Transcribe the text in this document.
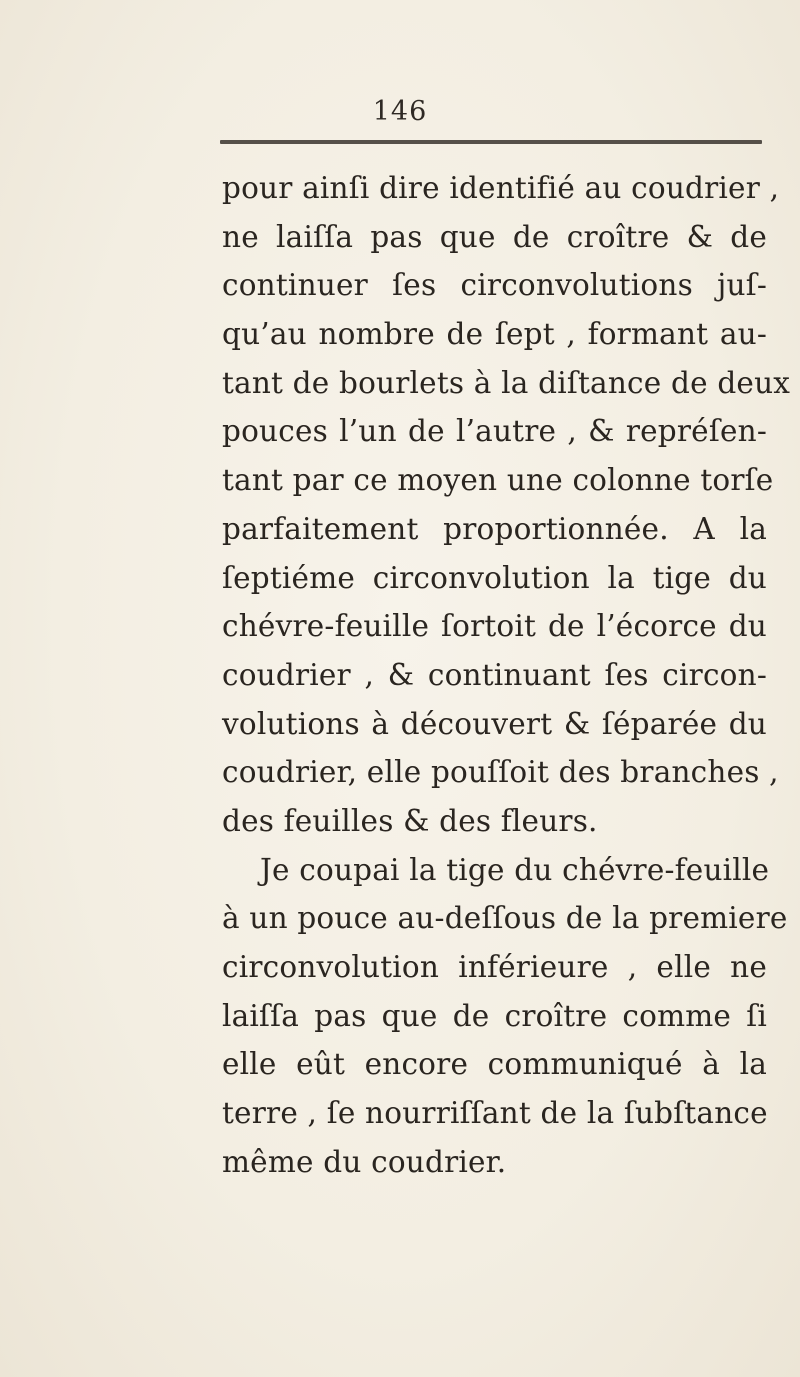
146
pour ainſi dire identifié au coudrier ,
ne laiſſa pas que de croître & de
continuer ſes circonvolutions juſ-
qu’au nombre de ſept , formant au-
tant de bourlets à la diſtance de deux
pouces l’un de l’autre , & repréſen-
tant par ce moyen une colonne torſe
parfaitement proportionnée. A la
ſeptiéme circonvolution la tige du
chévre-feuille ſortoit de l’écorce du
coudrier , & continuant ſes circon-
volutions à découvert & ſéparée du
coudrier, elle pouſſoit des branches ,
des feuilles & des fleurs.
Je coupai la tige du chévre-feuille
à un pouce au-deſſous de la premiere
circonvolution inférieure , elle ne
laiſſa pas que de croître comme ſi
elle eût encore communiqué à la
terre , ſe nourriſſant de la ſubſtance
même du coudrier.
